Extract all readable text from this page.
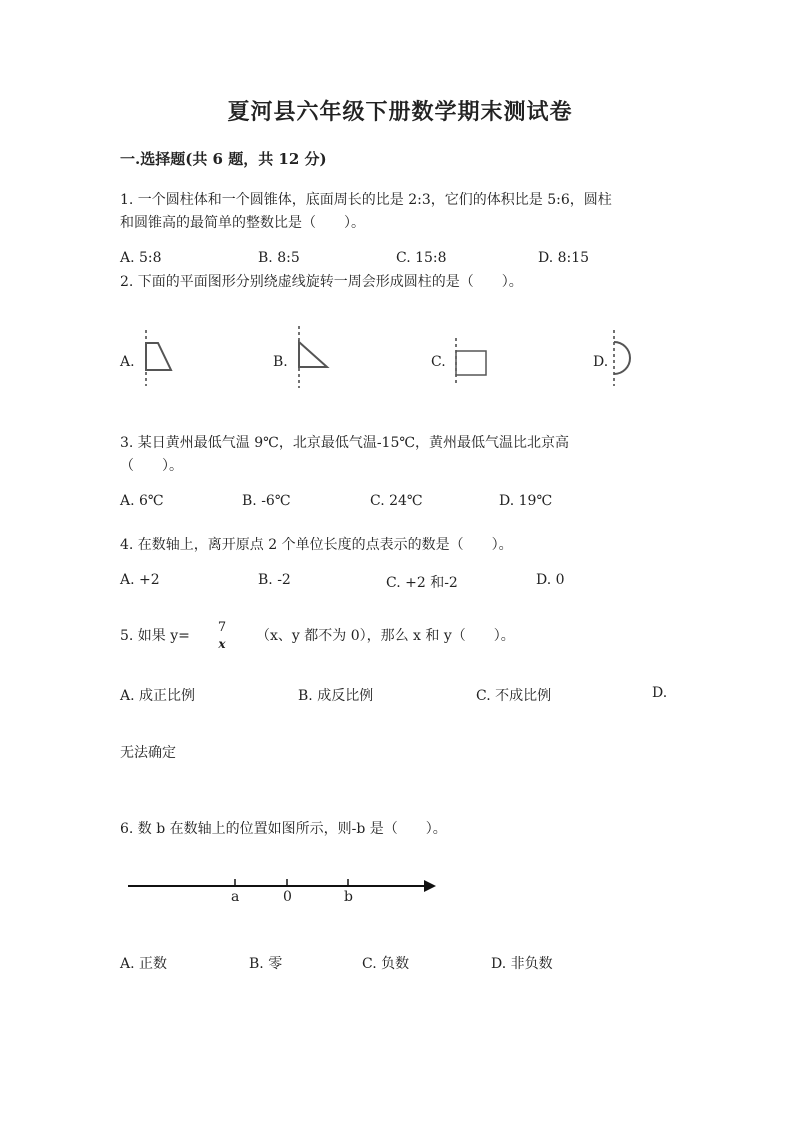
夏河县六年级下册数学期末测试卷
一.选择题(共 6 题，共 12 分)
1. 一个圆柱体和一个圆锥体，底面周长的比是 2:3，它们的体积比是 5:6，圆柱
和圆锥高的最简单的整数比是（　　）。
A. 5:8	B. 8:5	C. 15:8	D. 8:15
2. 下面的平面图形分别绕虚线旋转一周会形成圆柱的是（　　）。
A.	B.	C.	D.
3. 某日黄州最低气温 9℃，北京最低气温-15℃，黄州最低气温比北京高
（　　）。
A. 6℃	B. -6℃	C. 24℃	D. 19℃
4. 在数轴上，离开原点 2 个单位长度的点表示的数是（　　）。
A. +2	B. -2	C. +2 和-2	D. 0
5. 如果 y=
7
x	（x、y 都不为 0），那么 x 和 y（　　）。
A. 成正比例	B. 成反比例	C. 不成比例	D.
无法确定
6. 数 b 在数轴上的位置如图所示，则-b 是（　　）。
a	0	b
A. 正数	B. 零	C. 负数	D. 非负数
